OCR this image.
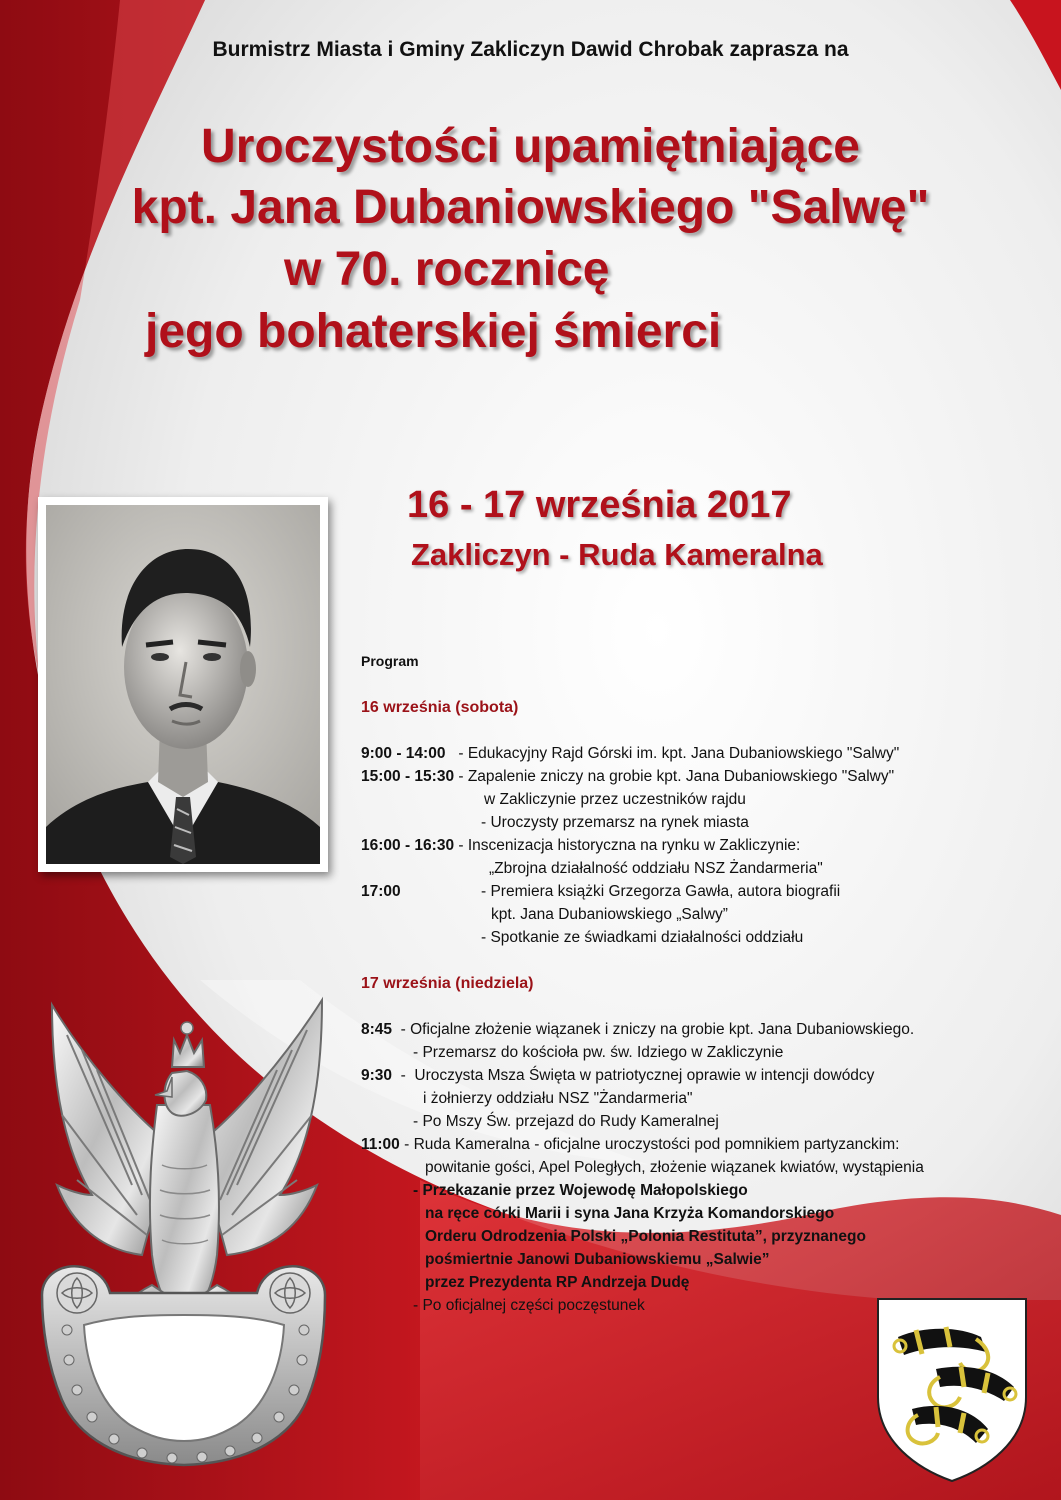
Burmistrz Miasta i Gminy Zakliczyn Dawid Chrobak zaprasza na
Uroczystości upamiętniające
kpt. Jana Dubaniowskiego "Salwę"
w 70. rocznicę
jego bohaterskiej śmierci
16 - 17 września 2017
Zakliczyn - Ruda Kameralna
Program
16 września (sobota)
9:00 - 14:00 - Edukacyjny Rajd Górski im. kpt. Jana Dubaniowskiego "Salwy"
15:00 - 15:30 - Zapalenie zniczy na grobie kpt. Jana Dubaniowskiego "Salwy"
w Zakliczynie przez uczestników rajdu
- Uroczysty przemarsz na rynek miasta
16:00 - 16:30 - Inscenizacja historyczna na rynku w Zakliczynie:
„Zbrojna działalność oddziału NSZ Żandarmeria"
17:00	- Premiera książki Grzegorza Gawła, autora biografii
kpt. Jana Dubaniowskiego „Salwy”
- Spotkanie ze świadkami działalności oddziału
17 września (niedziela)
8:45 - Oficjalne złożenie wiązanek i zniczy na grobie kpt. Jana Dubaniowskiego.
- Przemarsz do kościoła pw. św. Idziego w Zakliczynie
9:30 -  Uroczysta Msza Święta w patriotycznej oprawie w intencji dowódcy
i żołnierzy oddziału NSZ "Żandarmeria"
- Po Mszy Św. przejazd do Rudy Kameralnej
11:00 - Ruda Kameralna - oficjalne uroczystości pod pomnikiem partyzanckim:
powitanie gości, Apel Poległych, złożenie wiązanek kwiatów, wystąpienia
- Przekazanie przez Wojewodę Małopolskiego
na ręce córki Marii i syna Jana Krzyża Komandorskiego
Orderu Odrodzenia Polski „Polonia Restituta”, przyznanego
pośmiertnie Janowi Dubaniowskiemu „Salwie”
przez Prezydenta RP Andrzeja Dudę
- Po oficjalnej części poczęstunek
